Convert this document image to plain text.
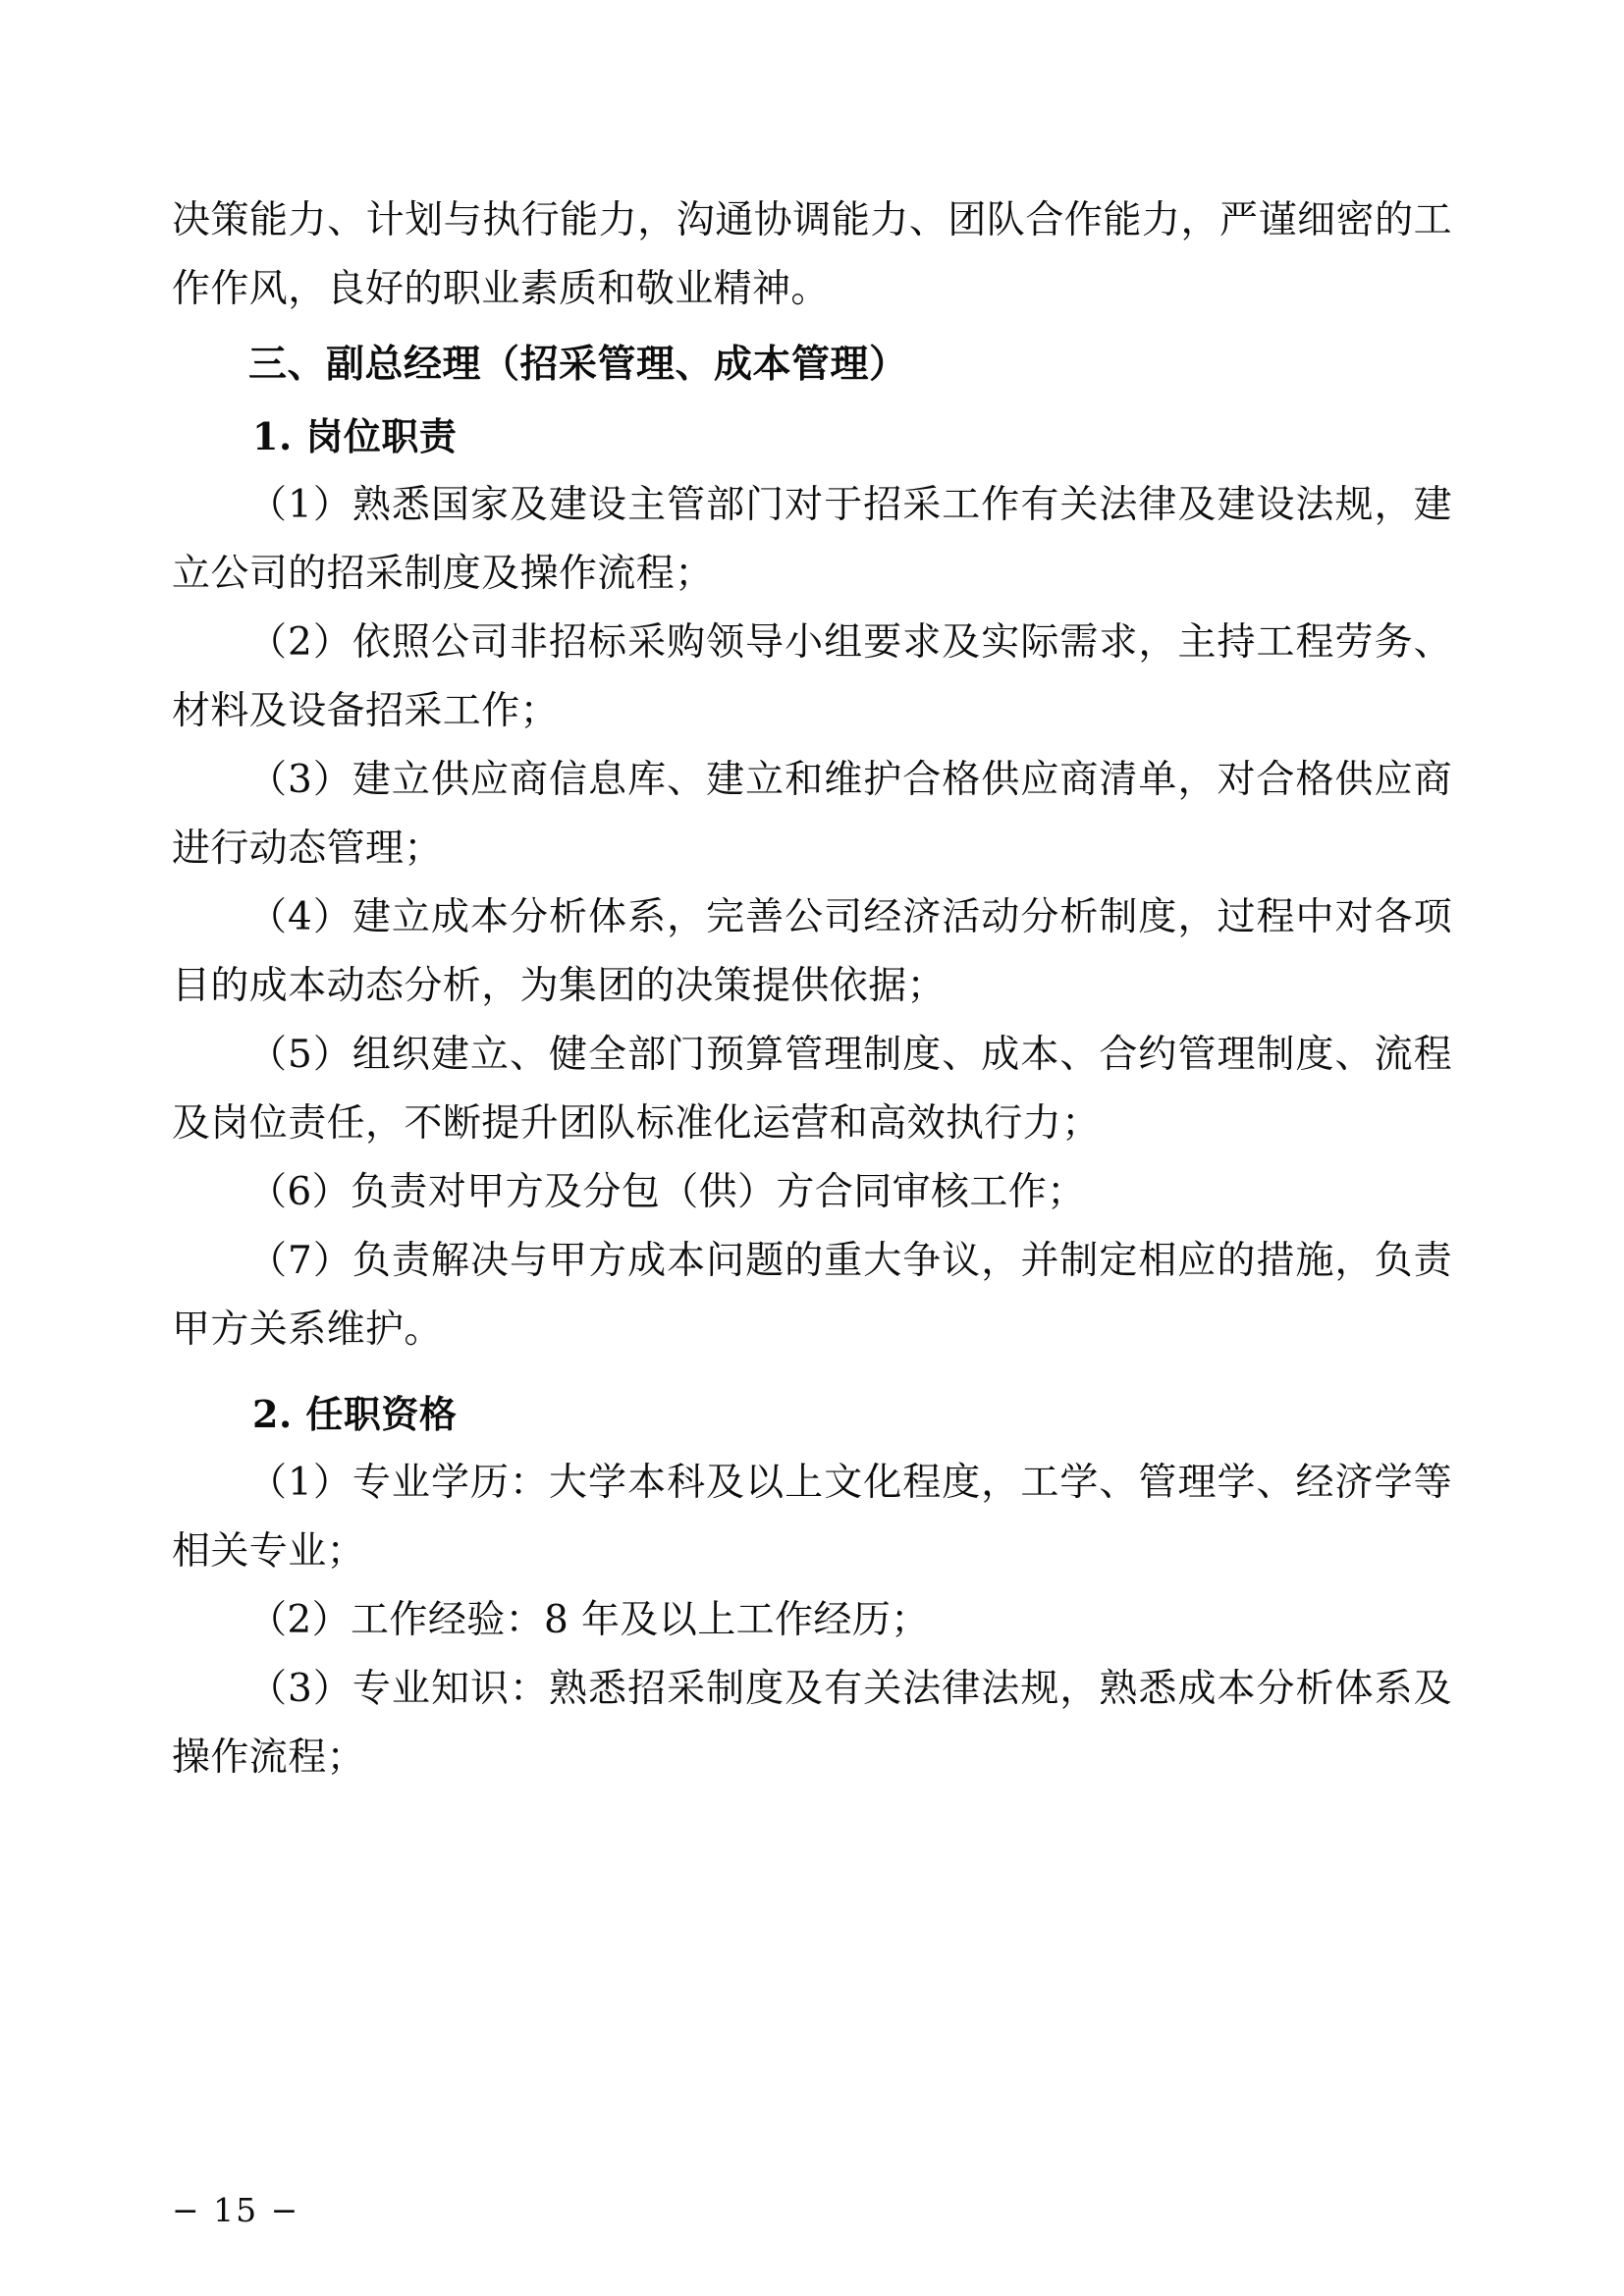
决策能力、计划与执行能力，沟通协调能力、团队合作能力，严谨细密的工作作风，良好的职业素质和敬业精神。

三、副总经理（招采管理、成本管理）

1. 岗位职责

（1）熟悉国家及建设主管部门对于招采工作有关法律及建设法规，建立公司的招采制度及操作流程；

（2）依照公司非招标采购领导小组要求及实际需求，主持工程劳务、材料及设备招采工作；

（3）建立供应商信息库、建立和维护合格供应商清单，对合格供应商进行动态管理；

（4）建立成本分析体系，完善公司经济活动分析制度，过程中对各项目的成本动态分析，为集团的决策提供依据；

（5）组织建立、健全部门预算管理制度、成本、合约管理制度、流程及岗位责任，不断提升团队标准化运营和高效执行力；

（6）负责对甲方及分包（供）方合同审核工作；

（7）负责解决与甲方成本问题的重大争议，并制定相应的措施，负责甲方关系维护。

2. 任职资格

（1）专业学历：大学本科及以上文化程度，工学、管理学、经济学等相关专业；

（2）工作经验：8 年及以上工作经历；

（3）专业知识：熟悉招采制度及有关法律法规，熟悉成本分析体系及操作流程；

− 15 −
